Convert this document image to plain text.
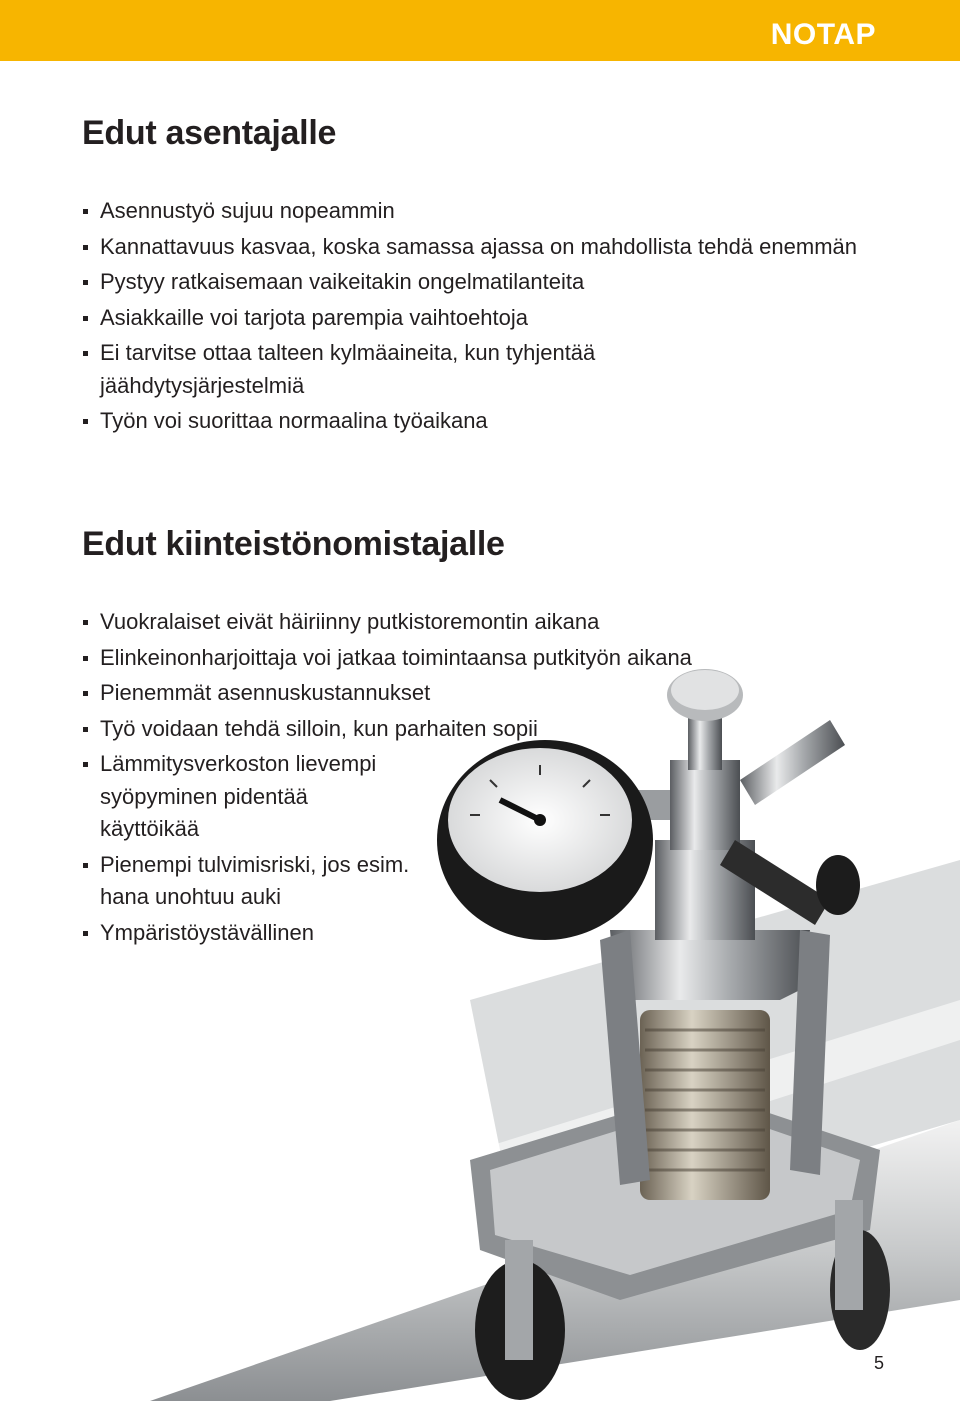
NOTAP
Edut asentajalle
Asennustyö sujuu nopeammin
Kannattavuus kasvaa, koska samassa ajassa on mahdollista tehdä enemmän
Pystyy ratkaisemaan vaikeitakin ongelmatilanteita
Asiakkaille voi tarjota parempia vaihtoehtoja
Ei tarvitse ottaa talteen kylmäaineita, kun tyhjentää jäähdytysjärjestelmiä
Työn voi suorittaa normaalina työaikana
Edut kiinteistönomistajalle
Vuokralaiset eivät häiriinny putkistoremontin aikana
Elinkeinonharjoittaja voi jatkaa toimintaansa putkityön aikana
Pienemmät asennuskustannukset
Työ voidaan tehdä silloin, kun parhaiten sopii
Lämmitysverkoston lievempi syöpyminen pidentää käyttöikää
Pienempi tulvimisriski, jos esim. hana unohtuu auki
Ympäristöystävällinen
5
